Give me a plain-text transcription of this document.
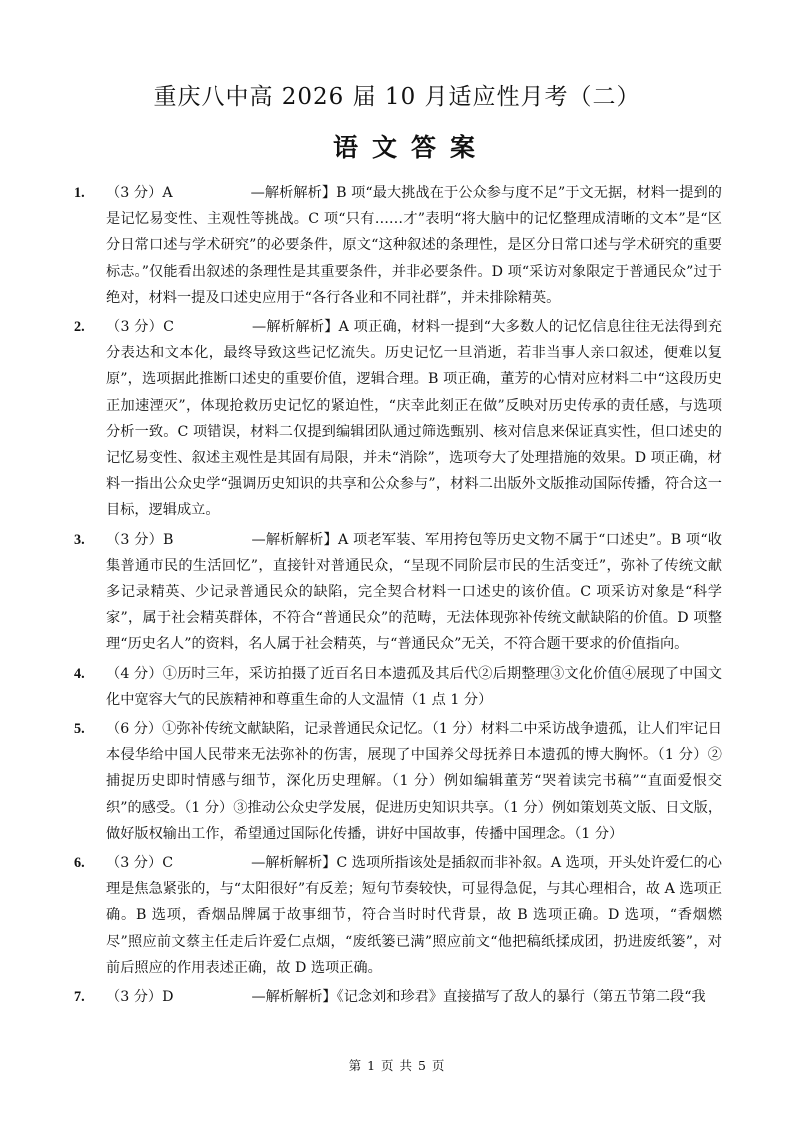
重庆八中高 2026 届 10 月适应性月考（二）
语文答案
1. （3 分）A	—解析解析】B 项“最大挑战在于公众参与度不足”于文无据，材料一提到的是记忆易变性、主观性等挑战。C 项“只有……才”表明“将大脑中的记忆整理成清晰的文本”是“区分日常口述与学术研究”的必要条件，原文“这种叙述的条理性，是区分日常口述与学术研究的重要标志。”仅能看出叙述的条理性是其重要条件，并非必要条件。D 项“采访对象限定于普通民众”过于绝对，材料一提及口述史应用于“各行各业和不同社群”，并未排除精英。
2. （3 分）C	—解析解析】A 项正确，材料一提到“大多数人的记忆信息往往无法得到充分表达和文本化，最终导致这些记忆流失。历史记忆一旦消逝，若非当事人亲口叙述，便难以复原”，选项据此推断口述史的重要价值，逻辑合理。B 项正确，董芳的心情对应材料二中“这段历史正加速湮灭”，体现抢救历史记忆的紧迫性，“庆幸此刻正在做”反映对历史传承的责任感，与选项分析一致。C 项错误，材料二仅提到编辑团队通过筛选甄别、核对信息来保证真实性，但口述史的记忆易变性、叙述主观性是其固有局限，并未“消除”，选项夸大了处理措施的效果。D 项正确，材料一指出公众史学“强调历史知识的共享和公众参与”，材料二出版外文版推动国际传播，符合这一目标，逻辑成立。
3. （3 分）B	—解析解析】A 项老军装、军用挎包等历史文物不属于“口述史”。B 项“收集普通市民的生活回忆”，直接针对普通民众，“呈现不同阶层市民的生活变迁”，弥补了传统文献多记录精英、少记录普通民众的缺陷，完全契合材料一口述史的该价值。C 项采访对象是“科学家”，属于社会精英群体，不符合“普通民众”的范畴，无法体现弥补传统文献缺陷的价值。D 项整理“历史名人”的资料，名人属于社会精英，与“普通民众”无关，不符合题干要求的价值指向。
4. （4 分）①历时三年，采访拍摄了近百名日本遗孤及其后代②后期整理③文化价值④展现了中国文化中宽容大气的民族精神和尊重生命的人文温情（1 点 1 分）
5. （6 分）①弥补传统文献缺陷，记录普通民众记忆。（1 分）材料二中采访战争遗孤，让人们牢记日本侵华给中国人民带来无法弥补的伤害，展现了中国养父母抚养日本遗孤的博大胸怀。（1 分）②捕捉历史即时情感与细节，深化历史理解。（1 分）例如编辑董芳“哭着读完书稿”“直面爱恨交织”的感受。（1 分）③推动公众史学发展，促进历史知识共享。（1 分）例如策划英文版、日文版，做好版权输出工作，希望通过国际化传播，讲好中国故事，传播中国理念。（1 分）
6. （3 分）C	—解析解析】C 选项所指该处是插叙而非补叙。A 选项，开头处许爱仁的心理是焦急紧张的，与“太阳很好”有反差；短句节奏较快，可显得急促，与其心理相合，故 A 选项正确。B 选项，香烟品牌属于故事细节，符合当时时代背景，故 B 选项正确。D 选项，“香烟燃尽”照应前文蔡主任走后许爱仁点烟，“废纸篓已满”照应前文“他把稿纸揉成团，扔进废纸篓”，对前后照应的作用表述正确，故 D 选项正确。
7. （3 分）D	—解析解析】《记念刘和珍君》直接描写了敌人的暴行（第五节第二段“我
第 1 页 共 5 页
